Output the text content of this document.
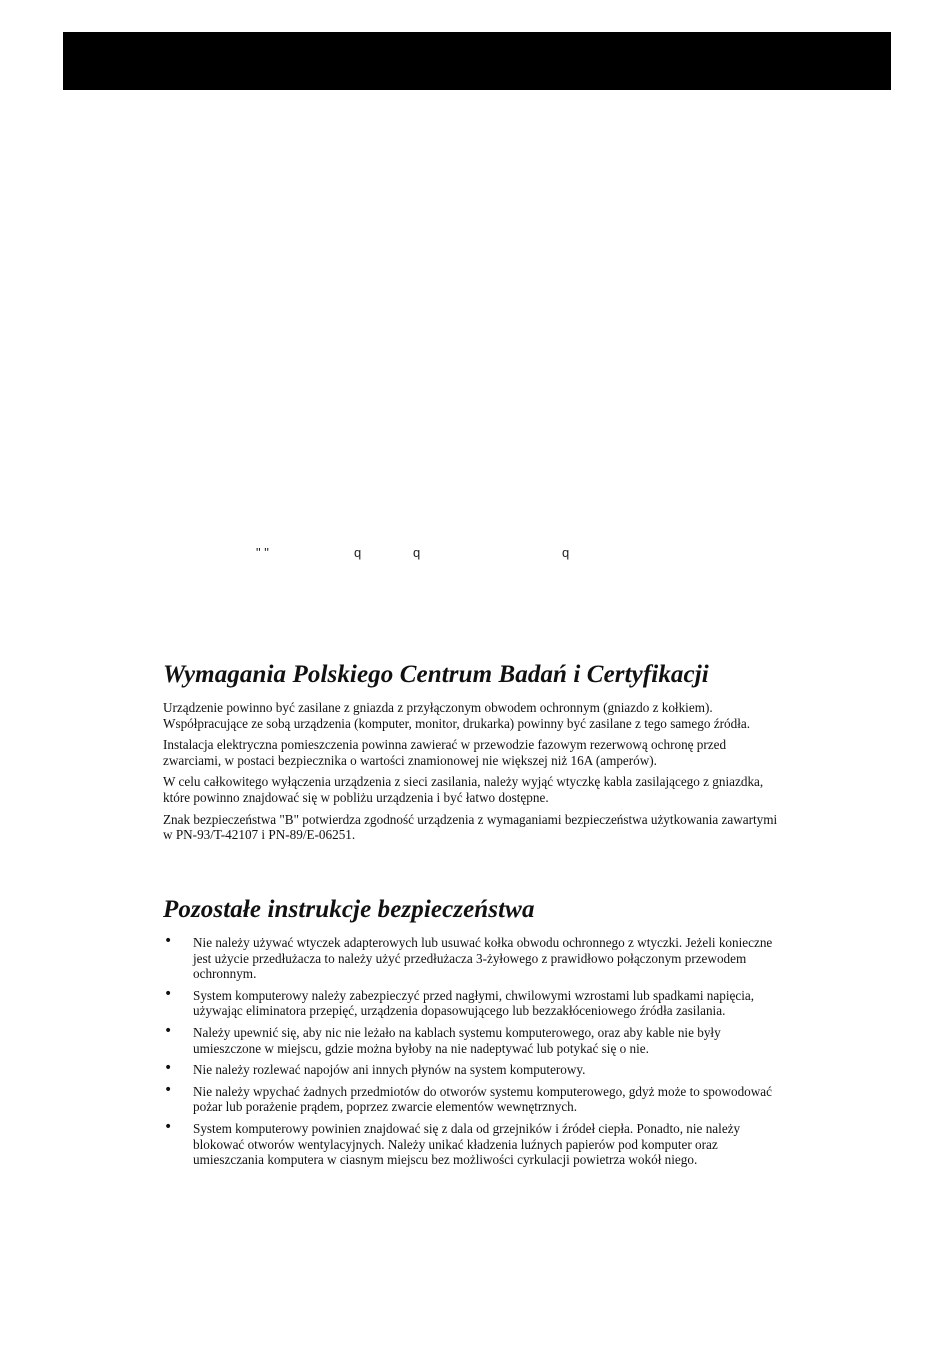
" "	q	q	q
Wymagania Polskiego Centrum Badań i Certyfikacji

Urządzenie powinno być zasilane z gniazda z przyłączonym obwodem ochronnym (gniazdo z kołkiem). Współpracujące ze sobą urządzenia (komputer, monitor, drukarka) powinny być zasilane z tego samego źródła.

Instalacja elektryczna pomieszczenia powinna zawierać w przewodzie fazowym rezerwową ochronę przed zwarciami, w postaci bezpiecznika o wartości znamionowej nie większej niż 16A (amperów).

W celu całkowitego wyłączenia urządzenia z sieci zasilania, należy wyjąć wtyczkę kabla zasilającego z gniazdka, które powinno znajdować się w pobliżu urządzenia i być łatwo dostępne.

Znak bezpieczeństwa "B" potwierdza zgodność urządzenia z wymaganiami bezpieczeństwa użytkowania zawartymi w PN-93/T-42107 i PN-89/E-06251.

Pozostałe instrukcje bezpieczeństwa
• Nie należy używać wtyczek adapterowych lub usuwać kołka obwodu ochronnego z wtyczki. Jeżeli konieczne jest użycie przedłużacza to należy użyć przedłużacza 3-żyłowego z prawidłowo połączonym przewodem ochronnym.
• System komputerowy należy zabezpieczyć przed nagłymi, chwilowymi wzrostami lub spadkami napięcia, używając eliminatora przepięć, urządzenia dopasowującego lub bezzakłóceniowego źródła zasilania.
• Należy upewnić się, aby nic nie leżało na kablach systemu komputerowego, oraz aby kable nie były umieszczone w miejscu, gdzie można byłoby na nie nadeptywać lub potykać się o nie.
• Nie należy rozlewać napojów ani innych płynów na system komputerowy.
• Nie należy wpychać żadnych przedmiotów do otworów systemu komputerowego, gdyż może to spowodować pożar lub porażenie prądem, poprzez zwarcie elementów wewnętrznych.
• System komputerowy powinien znajdować się z dala od grzejników i źródeł ciepła. Ponadto, nie należy blokować otworów wentylacyjnych. Należy unikać kładzenia luźnych papierów pod komputer oraz umieszczania komputera w ciasnym miejscu bez możliwości cyrkulacji powietrza wokół niego.
